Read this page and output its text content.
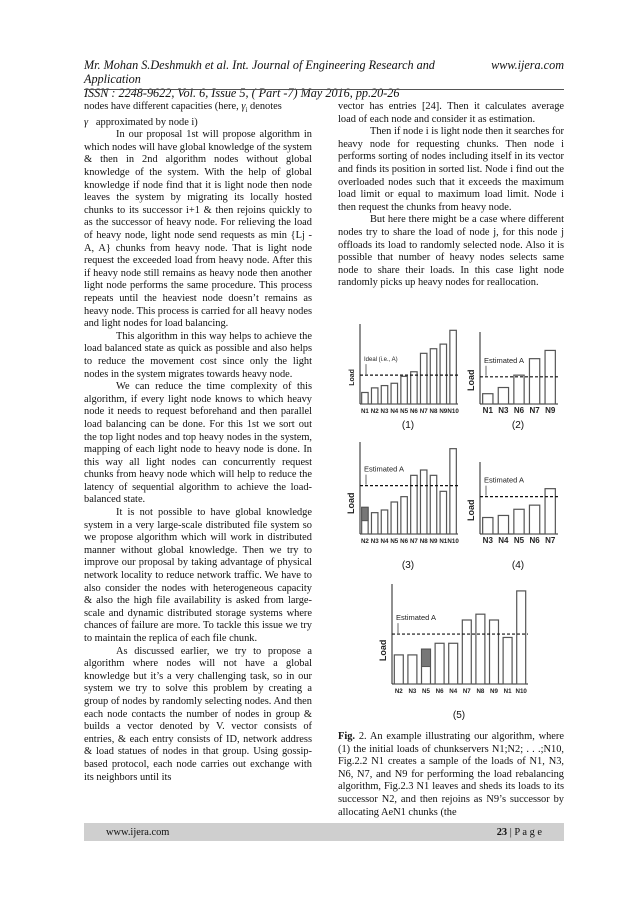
Mr. Mohan S.Deshmukh et al. Int. Journal of Engineering Research and Application
www.ijera.com
ISSN : 2248-9622, Vol. 6, Issue 5, ( Part -7) May 2016, pp.20-26

nodes have different capacities (here, $\gamma_i$ denotes
γ approximated by node i)

In our proposal 1st will propose algorithm in which nodes will have global knowledge of the system & then in 2nd algorithm nodes without global knowledge of the system. With the help of global knowledge if node find that it is light node then node leaves the system by migrating its locally hosted chunks to its successor i+1 & then rejoins quickly to as the successor of heavy node. For relieving the load of heavy node, light node send requests as min {Lj - A, A} chunks from heavy node. That is light node request the exceeded load from heavy node. After this if heavy node still remains as heavy node then another light node performs the same procedure. This process repeats until the heaviest node doesn’t remains as heavy node. This process is carried for all heavy nodes and light nodes for load balancing.

This algorithm in this way helps to achieve the load balanced state as quick as possible and also helps to reduce the movement cost since only the light nodes in the system migrates towards heavy node.

We can reduce the time complexity of this algorithm, if every light node knows to which heavy node it needs to request beforehand and then parallel load balancing can be done. For this 1st we sort out the top light nodes and top heavy nodes in the system, mapping of each light node to heavy node is done. In this way all light nodes can concurrently request chunks from heavy node which will help to reduce the latency of sequential algorithm to achieve the load-balanced state.

It is not possible to have global knowledge system in a very large-scale distributed file system so we propose algorithm which will work in distributed manner without global knowledge. Then we try to improve our proposal by taking advantage of physical network locality to reduce network traffic. We have to also consider the nodes with heterogeneous capacity & also the high file availability is asked from large-scale and dynamic distributed storage systems where chances of failure are more. To tackle this issue we try to maintain the replica of each file chunk.

As discussed earlier, we try to propose a algorithm where nodes will not have a global knowledge but it’s a very challenging task, so in our system we try to solve this problem by creating a group of nodes by randomly selecting nodes. And then each node contacts the number of nodes in group & builds a vector denoted by V. vector consists of entries, & each entry consists of ID, network address & load statues of nodes in that group. Using gossip-based protocol, each node carries out exchange with its neighbors until its

vector has entries [24]. Then it calculates average load of each node and consider it as estimation.

Then if node i is light node then it searches for heavy node for requesting chunks. Then node i performs sorting of nodes including itself in its vector and finds its position in sorted list. Node i find out the overloaded nodes such that it exceeds the maximum load limit or equal to maximum load limit. Node i then request the chunks from heavy node.

But here there might be a case where different nodes try to share the load of node j, for this node j offloads its load to randomly selected node. Also it is possible that number of heavy nodes selects same node to share their loads. In this case light node randomly picks up heavy nodes for reallocation.

Load
N1 N2 N3 N4 N5 N6 N7 N8 N9 N10
Ideal (i.e., A)
(1)
Load
N1 N3 N6 N7 N9
Estimated A
(2)
Load
N2 N3 N4 N5 N6 N7 N8 N9 N1 N10
Estimated A
(3)
Load
N3 N4 N5 N6 N7
Estimated A
(4)
Load
N2 N3 N5 N6 N4 N7 N8 N9 N1 N10
Estimated A
(5)
Fig. 2. An example illustrating our algorithm, where (1) the initial loads of chunkservers N1;N2; . . .;N10, Fig.2.2 N1 creates a sample of the loads of N1, N3, N6, N7, and N9 for performing the load rebalancing algorithm, Fig.2.3 N1 leaves and sheds its loads to its successor N2, and then rejoins as N9’s successor by allocating AeN1 chunks (the
www.ijera.com	23 | P a g e
